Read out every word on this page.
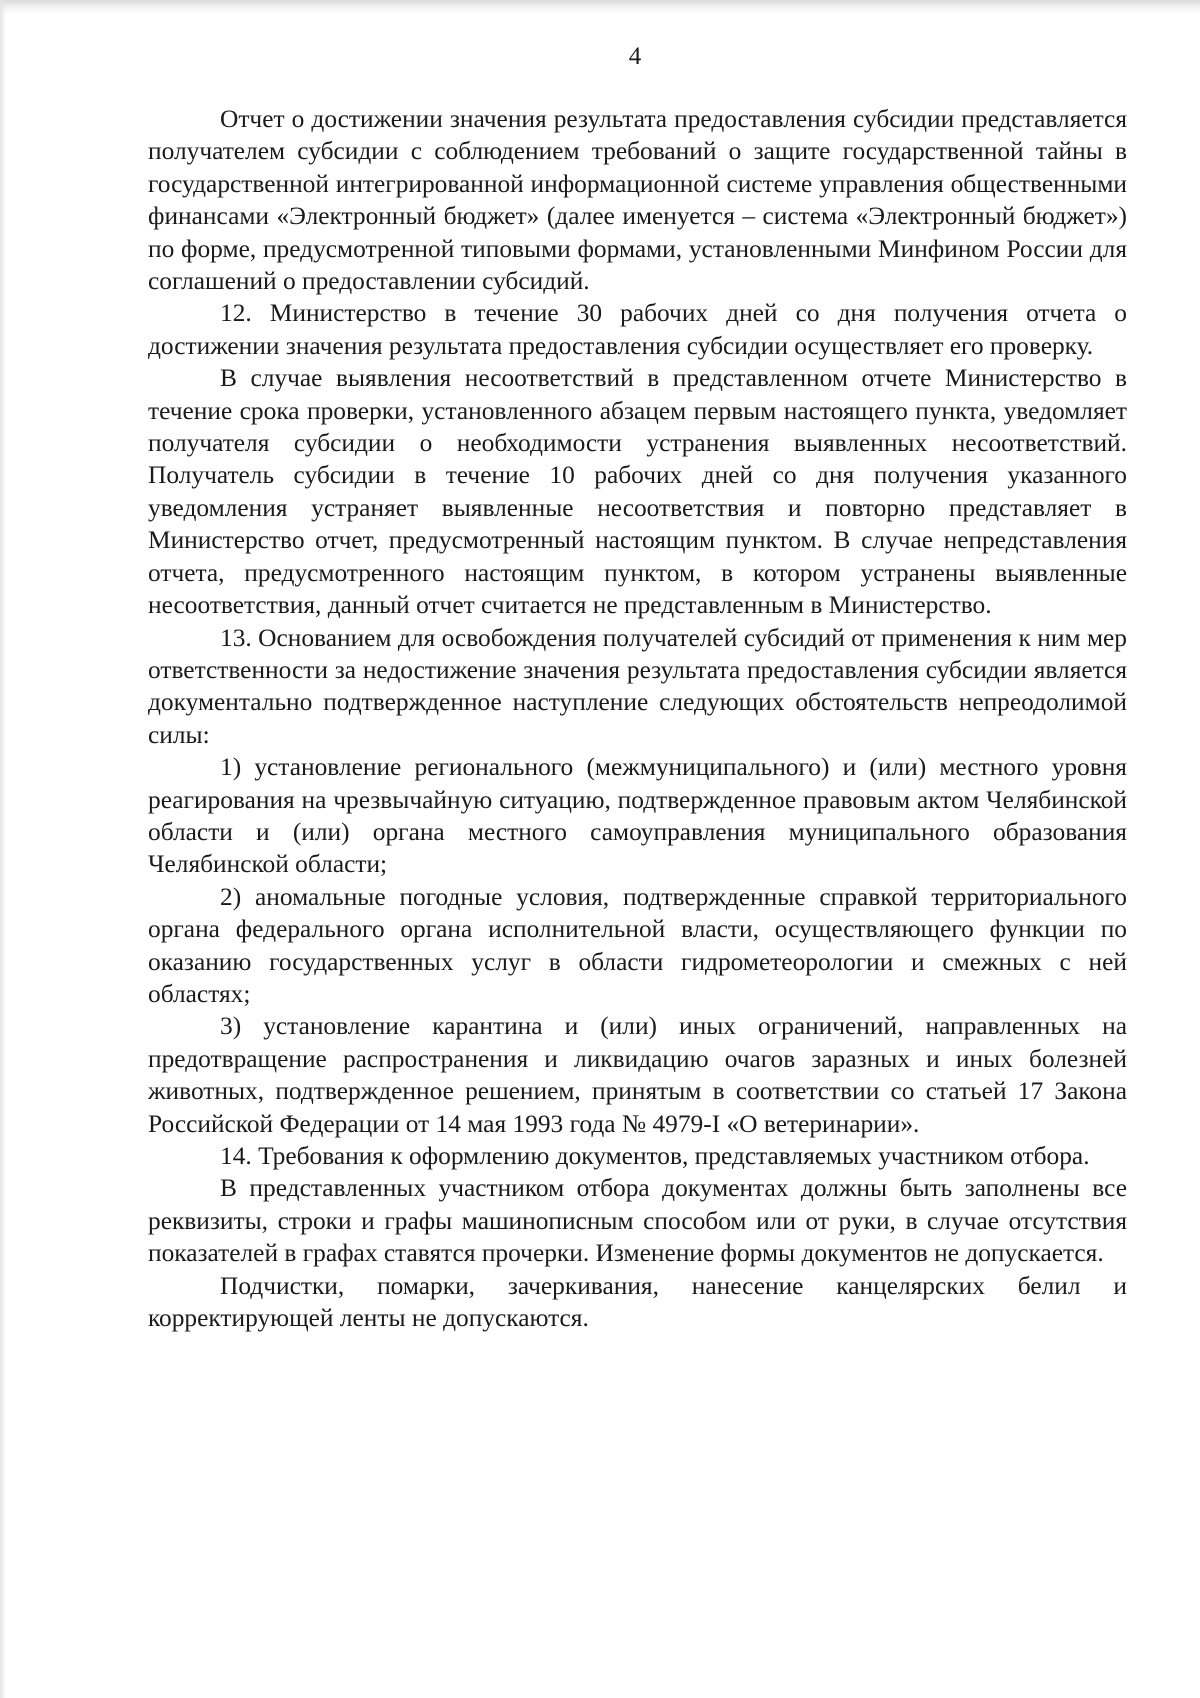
4

Отчет о достижении значения результата предоставления субсидии представляется получателем субсидии с соблюдением требований о защите государственной тайны в государственной интегрированной информационной системе управления общественными финансами «Электронный бюджет» (далее именуется – система «Электронный бюджет») по форме, предусмотренной типовыми формами, установленными Минфином России для соглашений о предоставлении субсидий.

12. Министерство в течение 30 рабочих дней со дня получения отчета о достижении значения результата предоставления субсидии осуществляет его проверку.

В случае выявления несоответствий в представленном отчете Министерство в течение срока проверки, установленного абзацем первым настоящего пункта, уведомляет получателя субсидии о необходимости устранения выявленных несоответствий. Получатель субсидии в течение 10 рабочих дней со дня получения указанного уведомления устраняет выявленные несоответствия и повторно представляет в Министерство отчет, предусмотренный настоящим пунктом. В случае непредставления отчета, предусмотренного настоящим пунктом, в котором устранены выявленные несоответствия, данный отчет считается не представленным в Министерство.

13. Основанием для освобождения получателей субсидий от применения к ним мер ответственности за недостижение значения результата предоставления субсидии является документально подтвержденное наступление следующих обстоятельств непреодолимой силы:

1) установление регионального (межмуниципального) и (или) местного уровня реагирования на чрезвычайную ситуацию, подтвержденное правовым актом Челябинской области и (или) органа местного самоуправления муниципального образования Челябинской области;

2) аномальные погодные условия, подтвержденные справкой территориального органа федерального органа исполнительной власти, осуществляющего функции по оказанию государственных услуг в области гидрометеорологии и смежных с ней областях;

3) установление карантина и (или) иных ограничений, направленных на предотвращение распространения и ликвидацию очагов заразных и иных болезней животных, подтвержденное решением, принятым в соответствии со статьей 17 Закона Российской Федерации от 14 мая 1993 года № 4979-I «О ветеринарии».

14. Требования к оформлению документов, представляемых участником отбора.

В представленных участником отбора документах должны быть заполнены все реквизиты, строки и графы машинописным способом или от руки, в случае отсутствия показателей в графах ставятся прочерки. Изменение формы документов не допускается.

Подчистки, помарки, зачеркивания, нанесение канцелярских белил и корректирующей ленты не допускаются.
